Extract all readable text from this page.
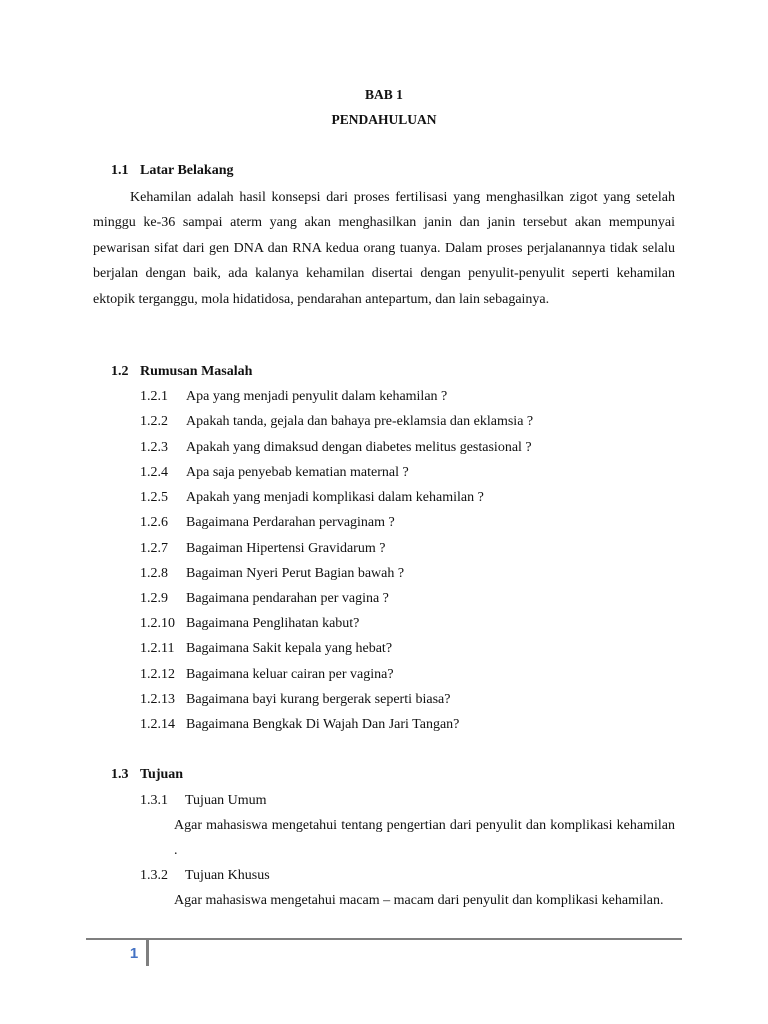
BAB 1
PENDAHULUAN
1.1 Latar Belakang
Kehamilan adalah hasil konsepsi dari proses fertilisasi yang menghasilkan zigot yang setelah minggu ke-36 sampai aterm yang akan menghasilkan janin dan janin tersebut akan mempunyai pewarisan sifat dari gen DNA dan RNA kedua orang tuanya. Dalam proses perjalanannya tidak selalu berjalan dengan baik, ada kalanya kehamilan disertai dengan penyulit-penyulit seperti kehamilan ektopik terganggu, mola hidatidosa, pendarahan antepartum, dan lain sebagainya.
1.2 Rumusan Masalah
1.2.1 Apa yang menjadi penyulit dalam kehamilan ?
1.2.2 Apakah tanda, gejala dan bahaya pre-eklamsia dan eklamsia ?
1.2.3 Apakah yang dimaksud dengan diabetes melitus gestasional ?
1.2.4 Apa saja penyebab kematian maternal ?
1.2.5 Apakah yang menjadi komplikasi dalam kehamilan ?
1.2.6 Bagaimana Perdarahan pervaginam ?
1.2.7 Bagaiman Hipertensi Gravidarum ?
1.2.8 Bagaiman Nyeri Perut Bagian bawah ?
1.2.9 Bagaimana pendarahan per vagina ?
1.2.10 Bagaimana Penglihatan kabut?
1.2.11 Bagaimana Sakit kepala yang hebat?
1.2.12 Bagaimana keluar cairan per vagina?
1.2.13 Bagaimana bayi kurang bergerak seperti biasa?
1.2.14 Bagaimana Bengkak Di Wajah Dan Jari Tangan?
1.3 Tujuan
1.3.1 Tujuan Umum
Agar mahasiswa mengetahui tentang pengertian dari penyulit dan komplikasi kehamilan .
1.3.2 Tujuan Khusus
Agar mahasiswa mengetahui macam – macam dari penyulit dan komplikasi kehamilan.
1
